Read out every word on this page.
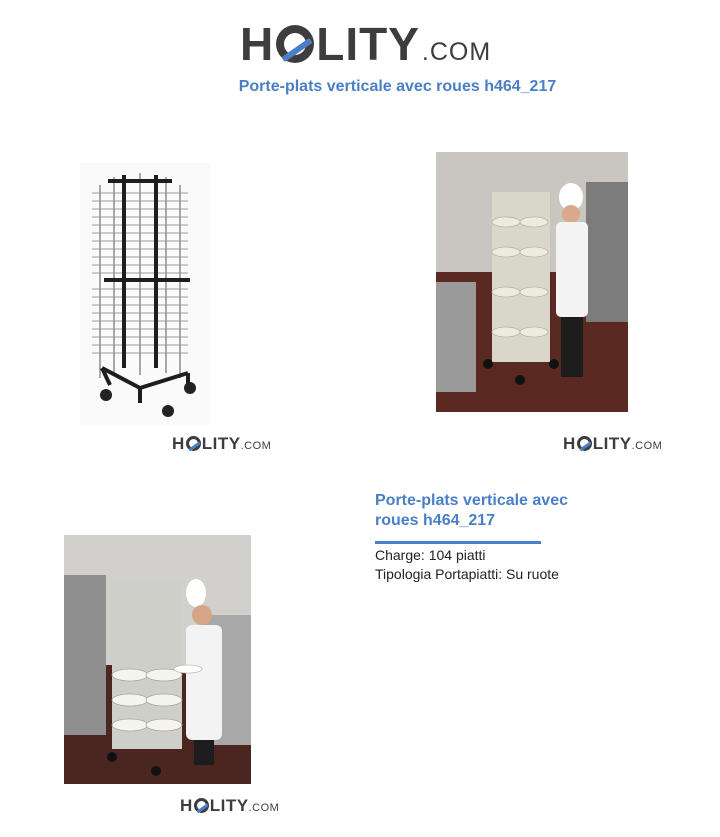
H LITY .COM
Porte-plats verticale avec roues h464_217
H LITY .COM	H LITY .COM
H LITY .COM
Porte-plats verticale avec roues h464_217
Charge: 104 piatti
Tipologia Portapiatti: Su ruote
